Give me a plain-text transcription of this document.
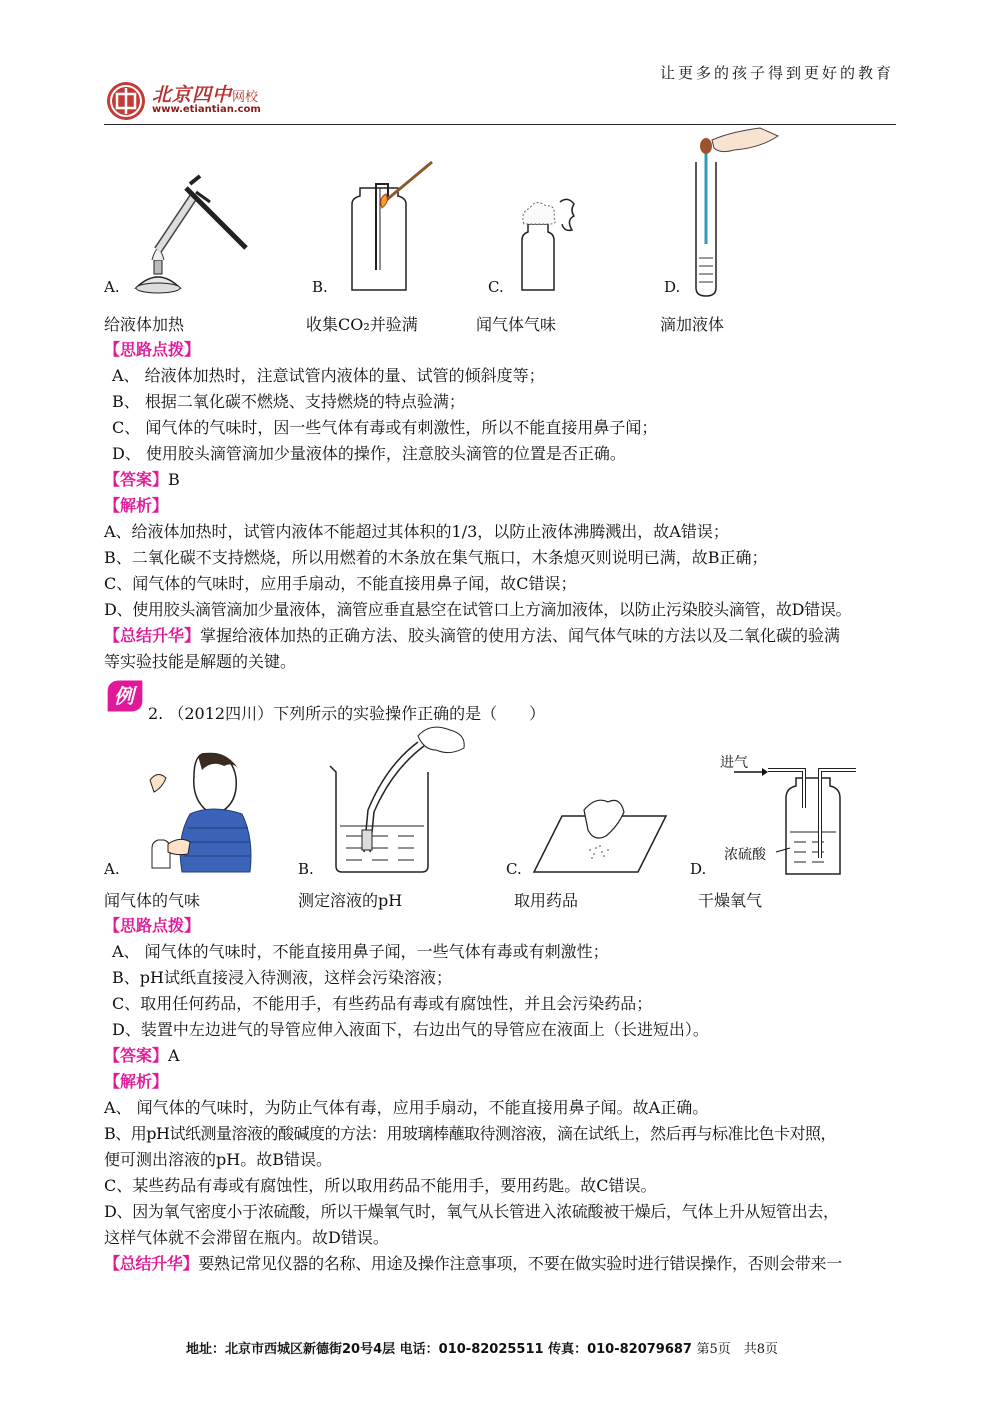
让更多的孩子得到更好的教育
北京四中 网校
www.etiantian.com
A.	B.	C.	D.
给液体加热	收集CO₂并验满	闻气体气味	滴加液体
【思路点拨】
A、 给液体加热时，注意试管内液体的量、试管的倾斜度等；
B、 根据二氧化碳不燃烧、支持燃烧的特点验满；
C、 闻气体的气味时，因一些气体有毒或有刺激性，所以不能直接用鼻子闻；
D、 使用胶头滴管滴加少量液体的操作，注意胶头滴管的位置是否正确。
【答案】B
【解析】
A、给液体加热时，试管内液体不能超过其体积的1/3，以防止液体沸腾溅出，故A错误；
B、二氧化碳不支持燃烧，所以用燃着的木条放在集气瓶口，木条熄灭则说明已满，故B正确；
C、闻气体的气味时，应用手扇动，不能直接用鼻子闻，故C错误；
D、使用胶头滴管滴加少量液体，滴管应垂直悬空在试管口上方滴加液体，以防止污染胶头滴管，故D错误。
【总结升华】掌握给液体加热的正确方法、胶头滴管的使用方法、闻气体气味的方法以及二氧化碳的验满
等实验技能是解题的关键。
例
2. （2012四川）下列所示的实验操作正确的是（　　）
A.	B.	C.
进气
浓硫酸
D.
闻气体的气味	测定溶液的pH	取用药品	干燥氧气
【思路点拨】
A、 闻气体的气味时，不能直接用鼻子闻，一些气体有毒或有刺激性；
B、pH试纸直接浸入待测液，这样会污染溶液；
C、取用任何药品，不能用手，有些药品有毒或有腐蚀性，并且会污染药品；
D、装置中左边进气的导管应伸入液面下，右边出气的导管应在液面上（长进短出）。
【答案】A
【解析】
A、 闻气体的气味时，为防止气体有毒，应用手扇动，不能直接用鼻子闻。故A正确。
B、用pH试纸测量溶液的酸碱度的方法：用玻璃棒蘸取待测溶液，滴在试纸上，然后再与标准比色卡对照，
便可测出溶液的pH。故B错误。
C、某些药品有毒或有腐蚀性，所以取用药品不能用手，要用药匙。故C错误。
D、因为氧气密度小于浓硫酸，所以干燥氧气时，氧气从长管进入浓硫酸被干燥后，气体上升从短管出去，
这样气体就不会滞留在瓶内。故D错误。
【总结升华】要熟记常见仪器的名称、用途及操作注意事项，不要在做实验时进行错误操作，否则会带来一
地址：北京市西城区新德街20号4层 电话：010-82025511 传真：010-82079687 第5页　共8页
